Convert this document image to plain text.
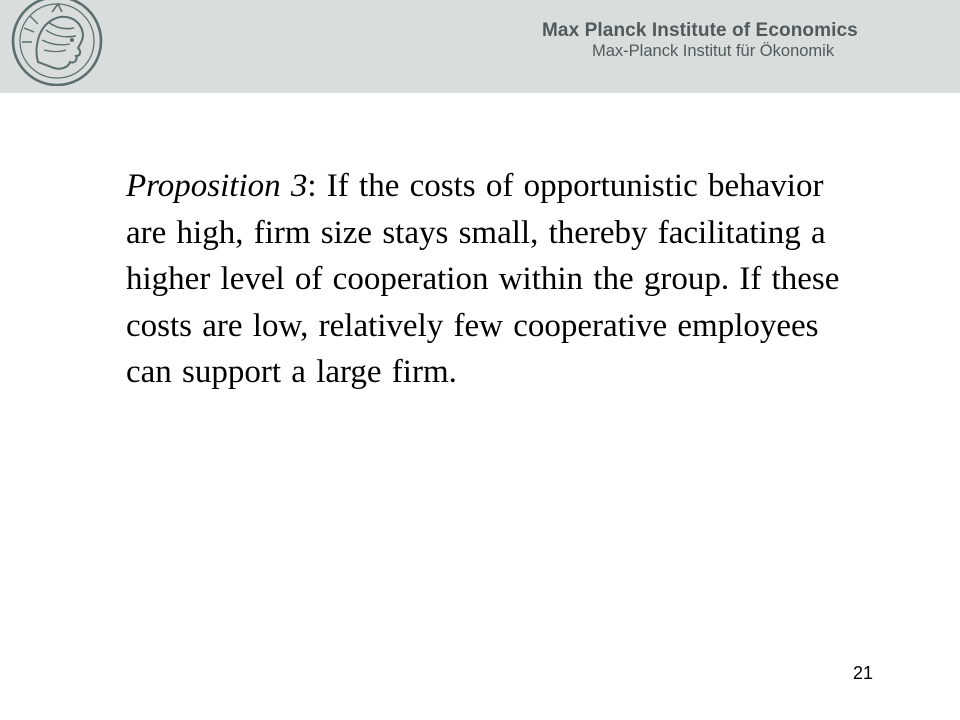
Max Planck Institute of Economics
Max-Planck Institut für Ökonomik

Proposition 3: If the costs of opportunistic behavior are high, firm size stays small, thereby facilitating a higher level of cooperation within the group. If these costs are low, relatively few cooperative employees can support a large firm.

21
